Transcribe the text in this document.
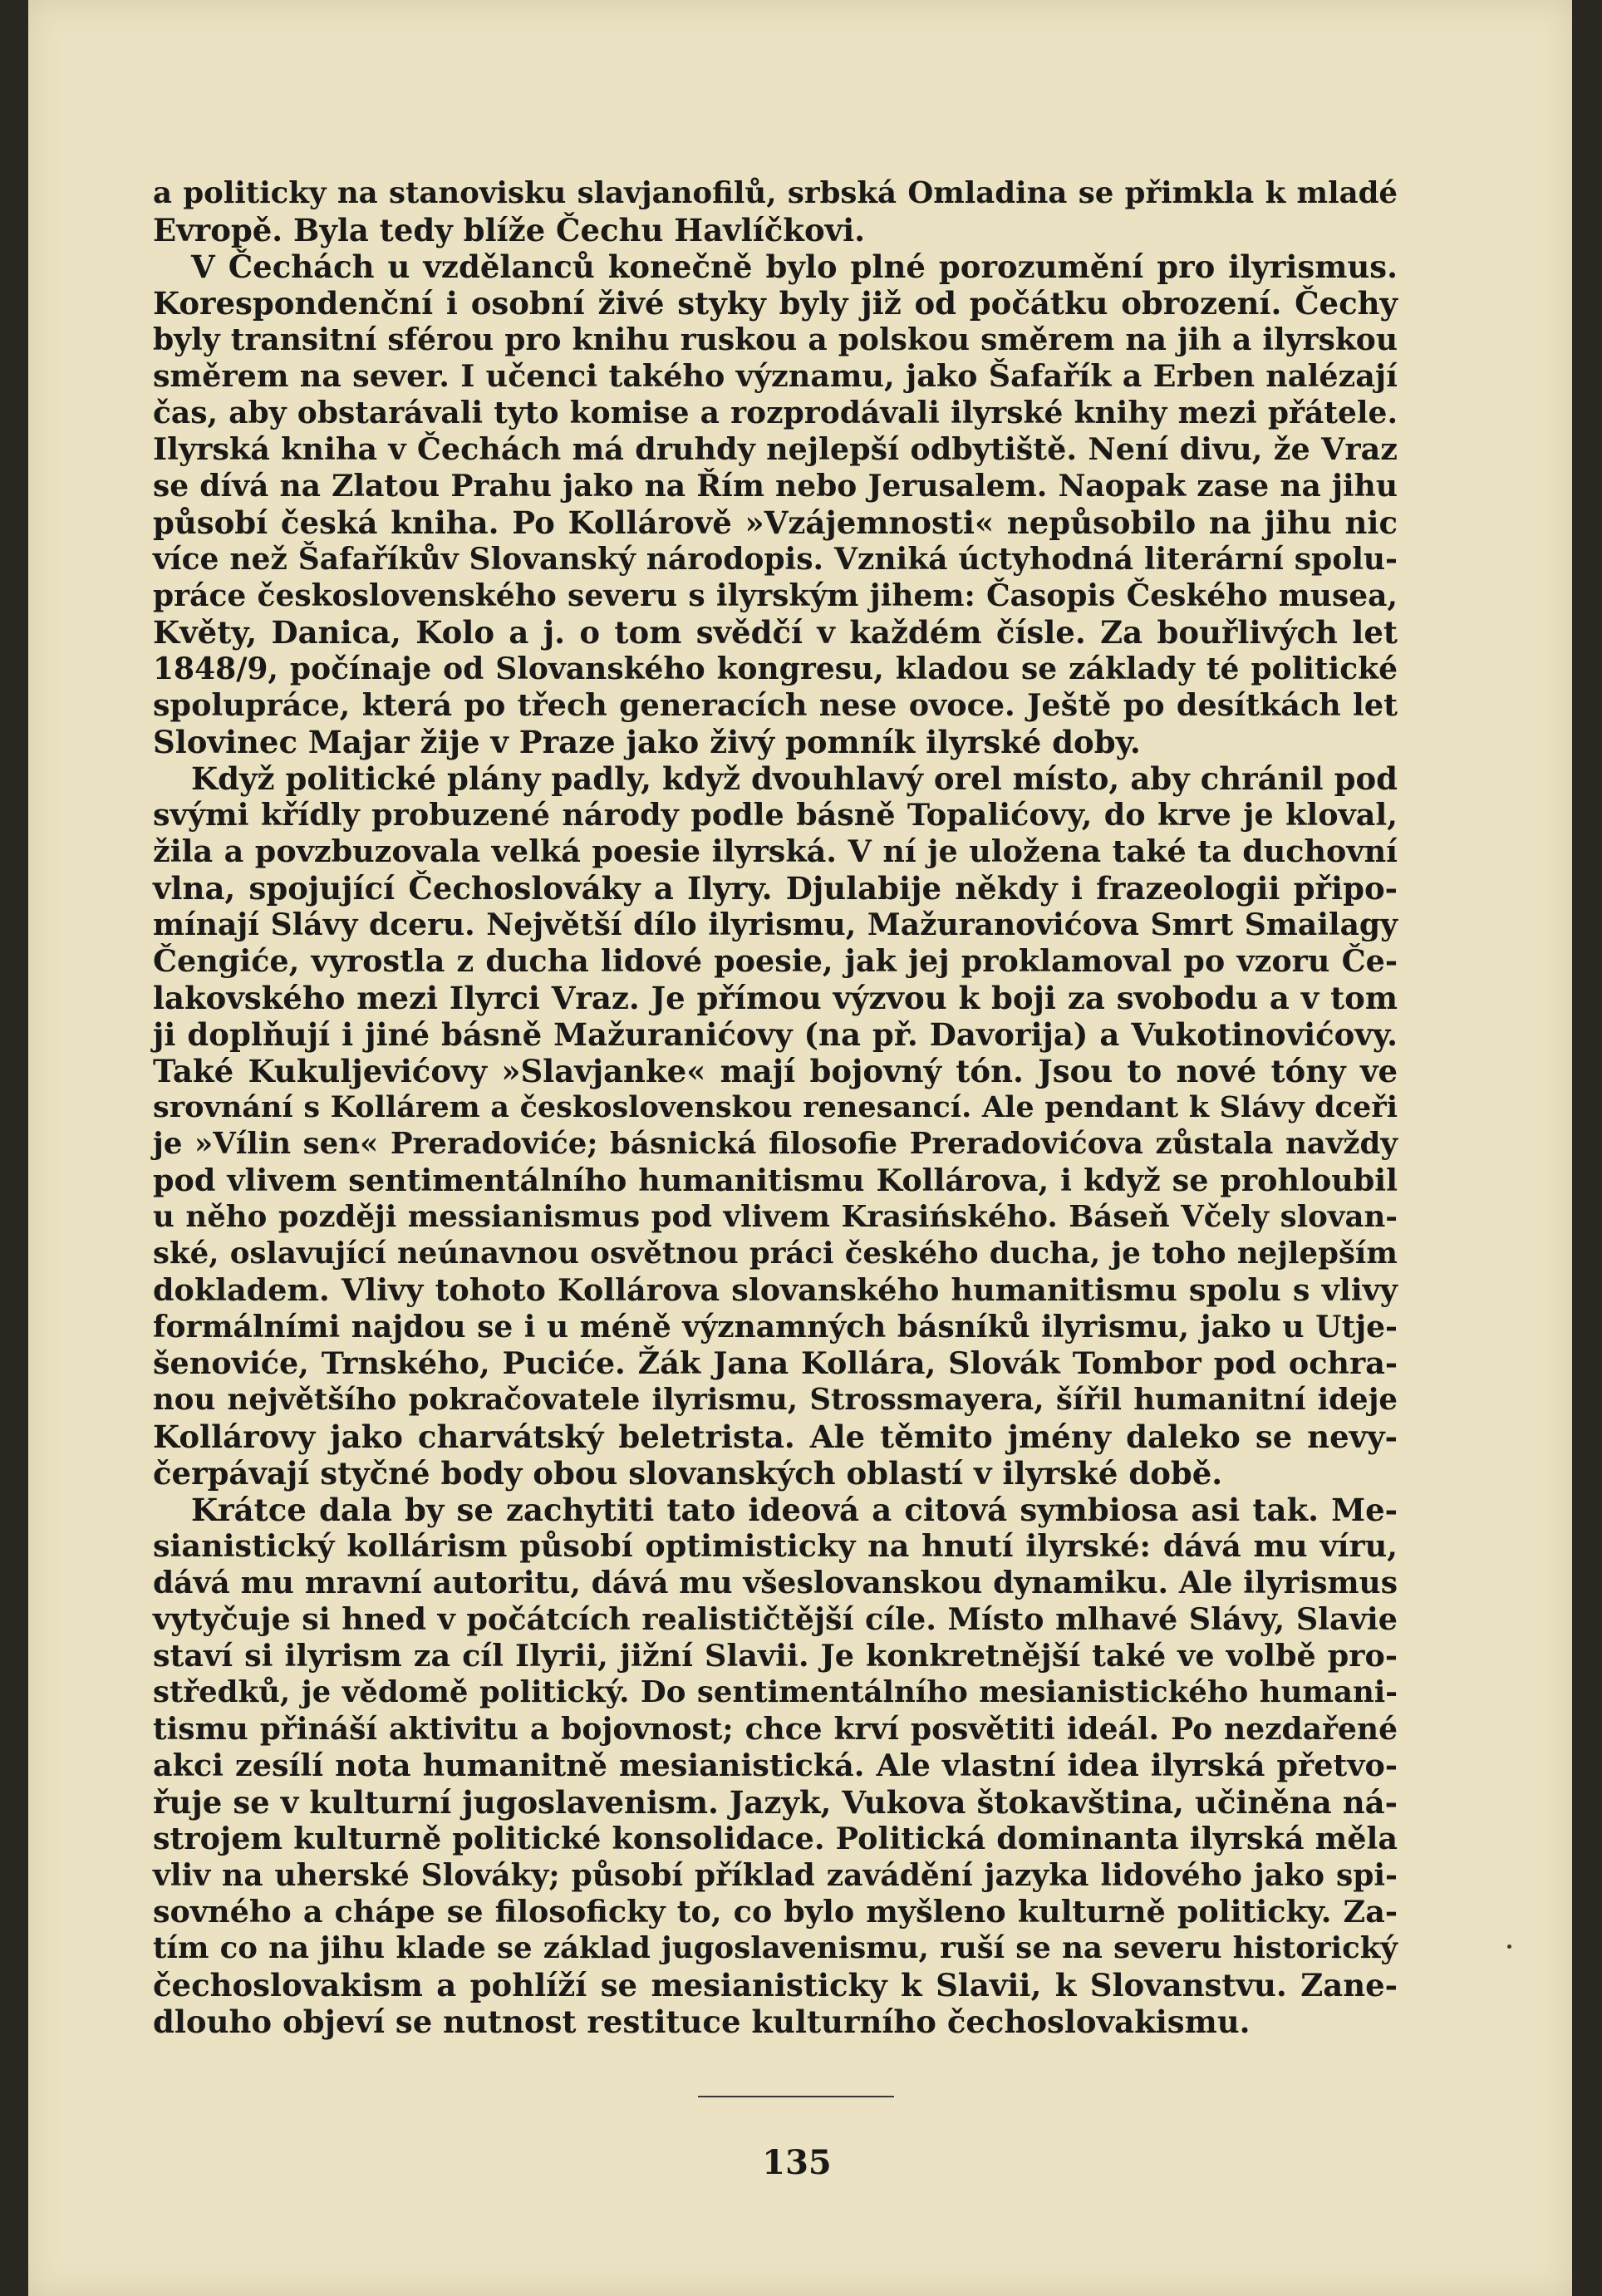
a politicky na stanovisku slavjanofilů, srbská Omladina se přimkla k mladé
Evropě. Byla tedy blíže Čechu Havlíčkovi.
V Čechách u vzdělanců konečně bylo plné porozumění pro ilyrismus.
Korespondenční i osobní živé styky byly již od počátku obrození. Čechy
byly transitní sférou pro knihu ruskou a polskou směrem na jih a ilyrskou
směrem na sever. I učenci takého významu, jako Šafařík a Erben nalézají
čas, aby obstarávali tyto komise a rozprodávali ilyrské knihy mezi přátele.
Ilyrská kniha v Čechách má druhdy nejlepší odbytiště. Není divu, že Vraz
se dívá na Zlatou Prahu jako na Řím nebo Jerusalem. Naopak zase na jihu
působí česká kniha. Po Kollárově »Vzájemnosti« nepůsobilo na jihu nic
více než Šafaříkův Slovanský národopis. Vzniká úctyhodná literární spolu-
práce československého severu s ilyrským jihem: Časopis Českého musea,
Květy, Danica, Kolo a j. o tom svědčí v každém čísle. Za bouřlivých let
1848/9, počínaje od Slovanského kongresu, kladou se základy té politické
spolupráce, která po třech generacích nese ovoce. Ještě po desítkách let
Slovinec Majar žije v Praze jako živý pomník ilyrské doby.
Když politické plány padly, když dvouhlavý orel místo, aby chránil pod
svými křídly probuzené národy podle básně Topalićovy, do krve je kloval,
žila a povzbuzovala velká poesie ilyrská. V ní je uložena také ta duchovní
vlna, spojující Čechoslováky a Ilyry. Djulabije někdy i frazeologii připo-
mínají Slávy dceru. Největší dílo ilyrismu, Mažuranovićova Smrt Smailagy
Čengiće, vyrostla z ducha lidové poesie, jak jej proklamoval po vzoru Če-
lakovského mezi Ilyrci Vraz. Je přímou výzvou k boji za svobodu a v tom
ji doplňují i jiné básně Mažuranićovy (na př. Davorija) a Vukotinovićovy.
Také Kukuljevićovy »Slavjanke« mají bojovný tón. Jsou to nové tóny ve
srovnání s Kollárem a československou renesancí. Ale pendant k Slávy dceři
je »Vílin sen« Preradoviće; básnická filosofie Preradovićova zůstala navždy
pod vlivem sentimentálního humanitismu Kollárova, i když se prohloubil
u něho později messianismus pod vlivem Krasińského. Báseň Včely slovan-
ské, oslavující neúnavnou osvětnou práci českého ducha, je toho nejlepším
dokladem. Vlivy tohoto Kollárova slovanského humanitismu spolu s vlivy
formálními najdou se i u méně významných básníků ilyrismu, jako u Utje-
šenoviće, Trnského, Puciće. Žák Jana Kollára, Slovák Tombor pod ochra-
nou největšího pokračovatele ilyrismu, Strossmayera, šířil humanitní ideje
Kollárovy jako charvátský beletrista. Ale těmito jmény daleko se nevy-
čerpávají styčné body obou slovanských oblastí v ilyrské době.
Krátce dala by se zachytiti tato ideová a citová symbiosa asi tak. Me-
sianistický kollárism působí optimisticky na hnutí ilyrské: dává mu víru,
dává mu mravní autoritu, dává mu všeslovanskou dynamiku. Ale ilyrismus
vytyčuje si hned v počátcích realističtější cíle. Místo mlhavé Slávy, Slavie
staví si ilyrism za cíl Ilyrii, jižní Slavii. Je konkretnější také ve volbě pro-
středků, je vědomě politický. Do sentimentálního mesianistického humani-
tismu přináší aktivitu a bojovnost; chce krví posvětiti ideál. Po nezdařené
akci zesílí nota humanitně mesianistická. Ale vlastní idea ilyrská přetvo-
řuje se v kulturní jugoslavenism. Jazyk, Vukova štokavština, učiněna ná-
strojem kulturně politické konsolidace. Politická dominanta ilyrská měla
vliv na uherské Slováky; působí příklad zavádění jazyka lidového jako spi-
sovného a chápe se filosoficky to, co bylo myšleno kulturně politicky. Za-
tím co na jihu klade se základ jugoslavenismu, ruší se na severu historický
čechoslovakism a pohlíží se mesianisticky k Slavii, k Slovanstvu. Zane-
dlouho objeví se nutnost restituce kulturního čechoslovakismu.
135
